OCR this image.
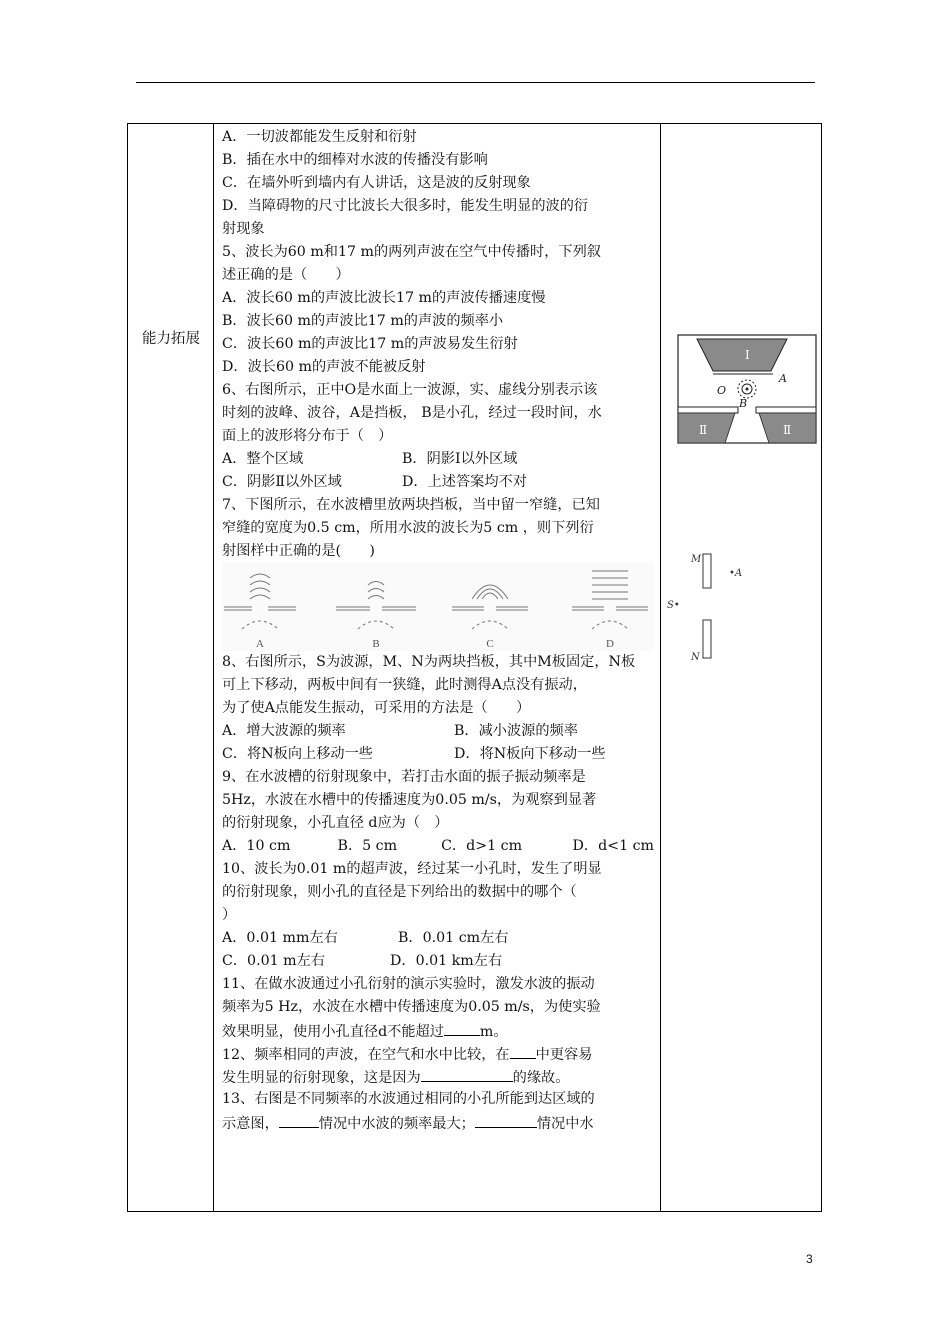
能力拓展
A．一切波都能发生反射和衍射
B．插在水中的细棒对水波的传播没有影响
C．在墙外听到墙内有人讲话，这是波的反射现象
D．当障碍物的尺寸比波长大很多时，能发生明显的波的衍
射现象
5、波长为60 m和17 m的两列声波在空气中传播时，下列叙
述正确的是（　　）
A．波长60 m的声波比波长17 m的声波传播速度慢
B．波长60 m的声波比17 m的声波的频率小
C．波长60 m的声波比17 m的声波易发生衍射
D．波长60 m的声波不能被反射
6、右图所示，正中O是水面上一波源，实、虚线分别表示该
时刻的波峰、波谷，A是挡板， B是小孔，经过一段时间，水
面上的波形将分布于（　）
A．整个区域	B．阴影Ⅰ以外区域
C．阴影Ⅱ以外区域	D．上述答案均不对
7、下图所示，在水波槽里放两块挡板，当中留一窄缝，已知
窄缝的宽度为0.5 cm，所用水波的波长为5 cm ，则下列衍
射图样中正确的是(　　)
A	B	C	D
8、右图所示，S为波源，M、N为两块挡板，其中M板固定，N板
可上下移动，两板中间有一狭缝，此时测得A点没有振动，
为了使A点能发生振动，可采用的方法是（　　）
A．增大波源的频率	B．减小波源的频率
C．将N板向上移动一些	D．将N板向下移动一些
9、在水波槽的衍射现象中，若打击水面的振子振动频率是
5Hz，水波在水槽中的传播速度为0.05 m/s，为观察到显著
的衍射现象，小孔直径 d应为（　）
A．10 cm	B．5 cm	C．d>1 cm	D．d<1 cm
10、波长为0.01 m的超声波，经过某一小孔时，发生了明显
的衍射现象，则小孔的直径是下列给出的数据中的哪个（
）
A．0.01 mm左右	B．0.01 cm左右
C．0.01 m左右	D．0.01 km左右
11、在做水波通过小孔衍射的演示实验时，激发水波的振动
频率为5 Hz，水波在水槽中传播速度为0.05 m/s，为使实验
效果明显，使用小孔直径d不能超过	m。
12、频率相同的声波，在空气和水中比较，在 中更容易
发生明显的衍射现象，这是因为	的缘故。
13、右图是不同频率的水波通过相同的小孔所能到达区域的
示意图，	情况中水波的频率最大；	情况中水
Ⅰ
Ⅱ	Ⅱ
A
B
O
M
N
S•
•A
3
